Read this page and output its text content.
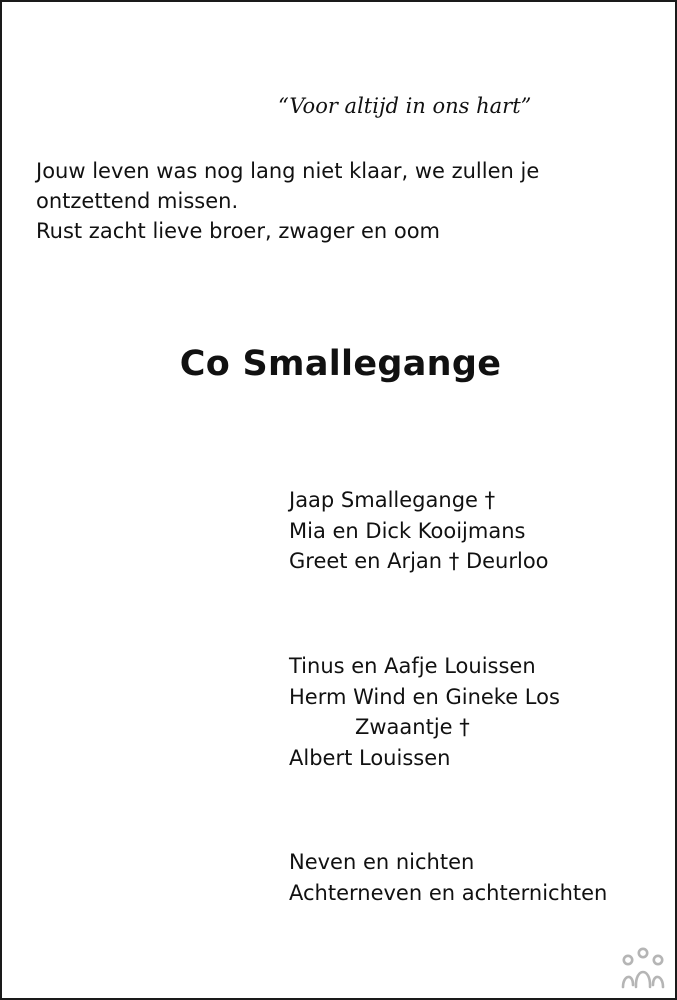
“Voor altijd in ons hart”
Jouw leven was nog lang niet klaar, we zullen je
ontzettend missen.
Rust zacht lieve broer, zwager en oom
Co Smallegange
Jaap Smallegange †
Mia en Dick Kooijmans
Greet en Arjan † Deurloo
Tinus en Aafje Louissen
Herm Wind en Gineke Los
Zwaantje †
Albert Louissen
Neven en nichten
Achterneven en achternichten
